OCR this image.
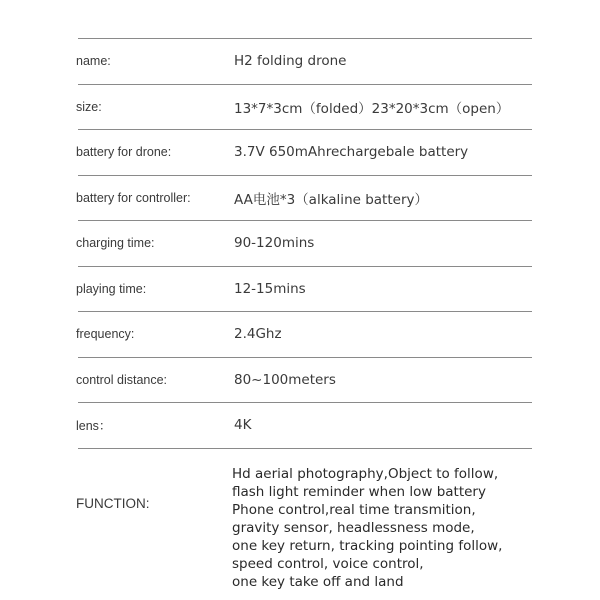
name:	H2 folding drone
size:	13*7*3cm（folded）23*20*3cm（open）
battery for drone:	3.7V 650mAhrechargebale battery
battery for controller:	AA电池*3（alkaline battery）
charging time:	90-120mins
playing time:	12-15mins
frequency:	2.4Ghz
control distance:	80~100meters
lens：	4K
FUNCTION:
Hd aerial photography,Object to follow,
flash light reminder when low battery
Phone control,real time transmition,
gravity sensor, headlessness mode,
one key return, tracking pointing follow,
speed control, voice control,
one key take off and land
